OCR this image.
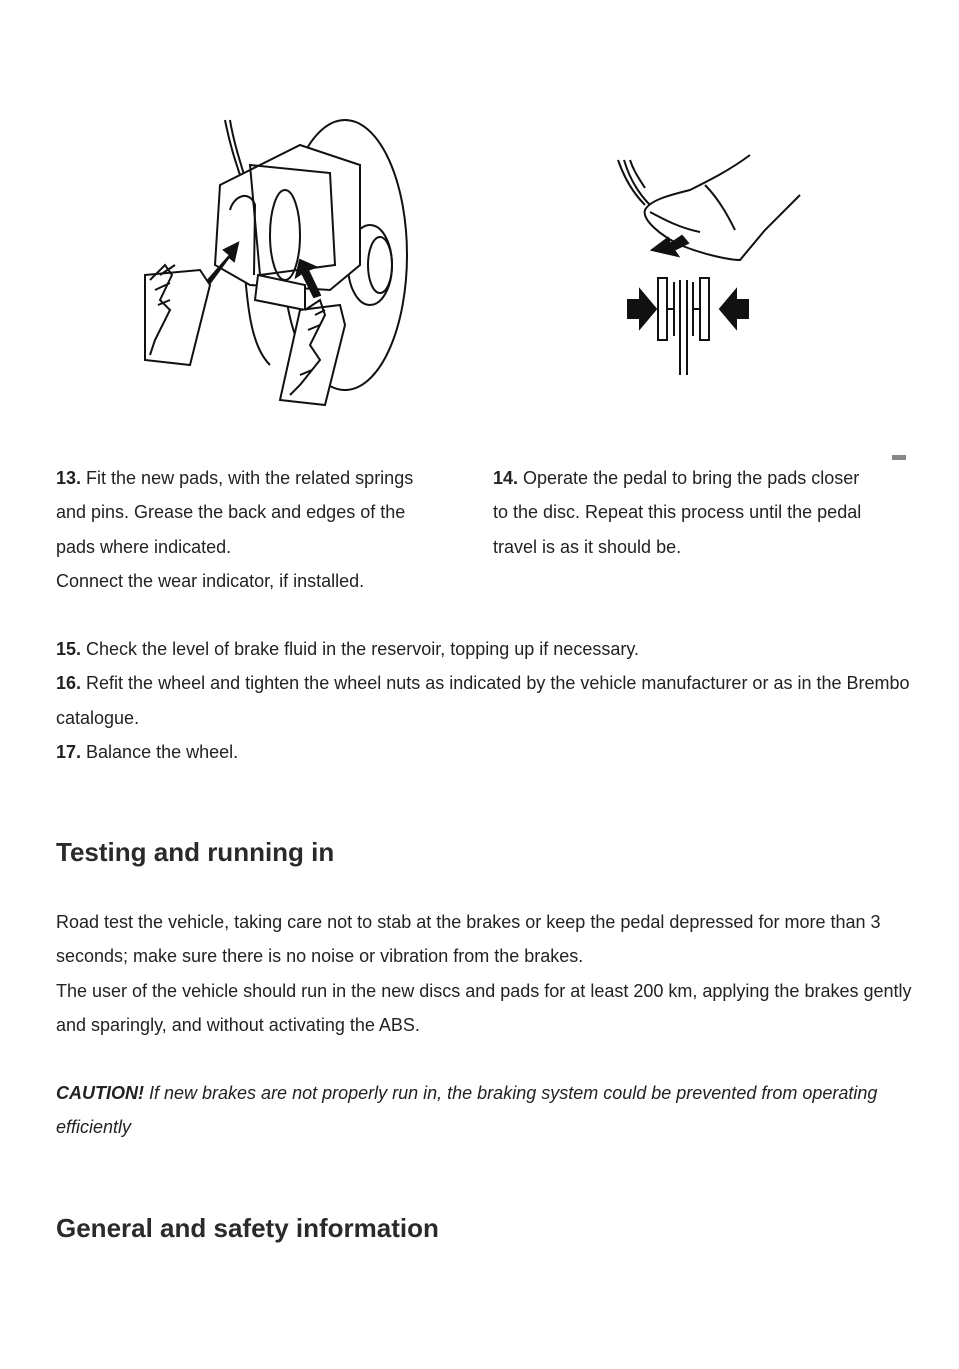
13. Fit the new pads, with the related springs

and pins. Grease the back and edges of the

pads where indicated.

Connect the wear indicator, if installed.

14. Operate the pedal to bring the pads closer

to the disc. Repeat this process until the pedal

travel is as it should be.

15. Check the level of brake fluid in the reservoir, topping up if necessary.

16. Refit the wheel and tighten the wheel nuts as indicated by the vehicle manufacturer or as in the Brembo catalogue.

17. Balance the wheel.

Testing and running in

Road test the vehicle, taking care not to stab at the brakes or keep the pedal depressed for more than 3 seconds; make sure there is no noise or vibration from the brakes.

The user of the vehicle should run in the new discs and pads for at least 200 km, applying the brakes gently and sparingly, and without activating the ABS.

CAUTION! If new brakes are not properly run in, the braking system could be prevented from operating efficiently
General and safety information
